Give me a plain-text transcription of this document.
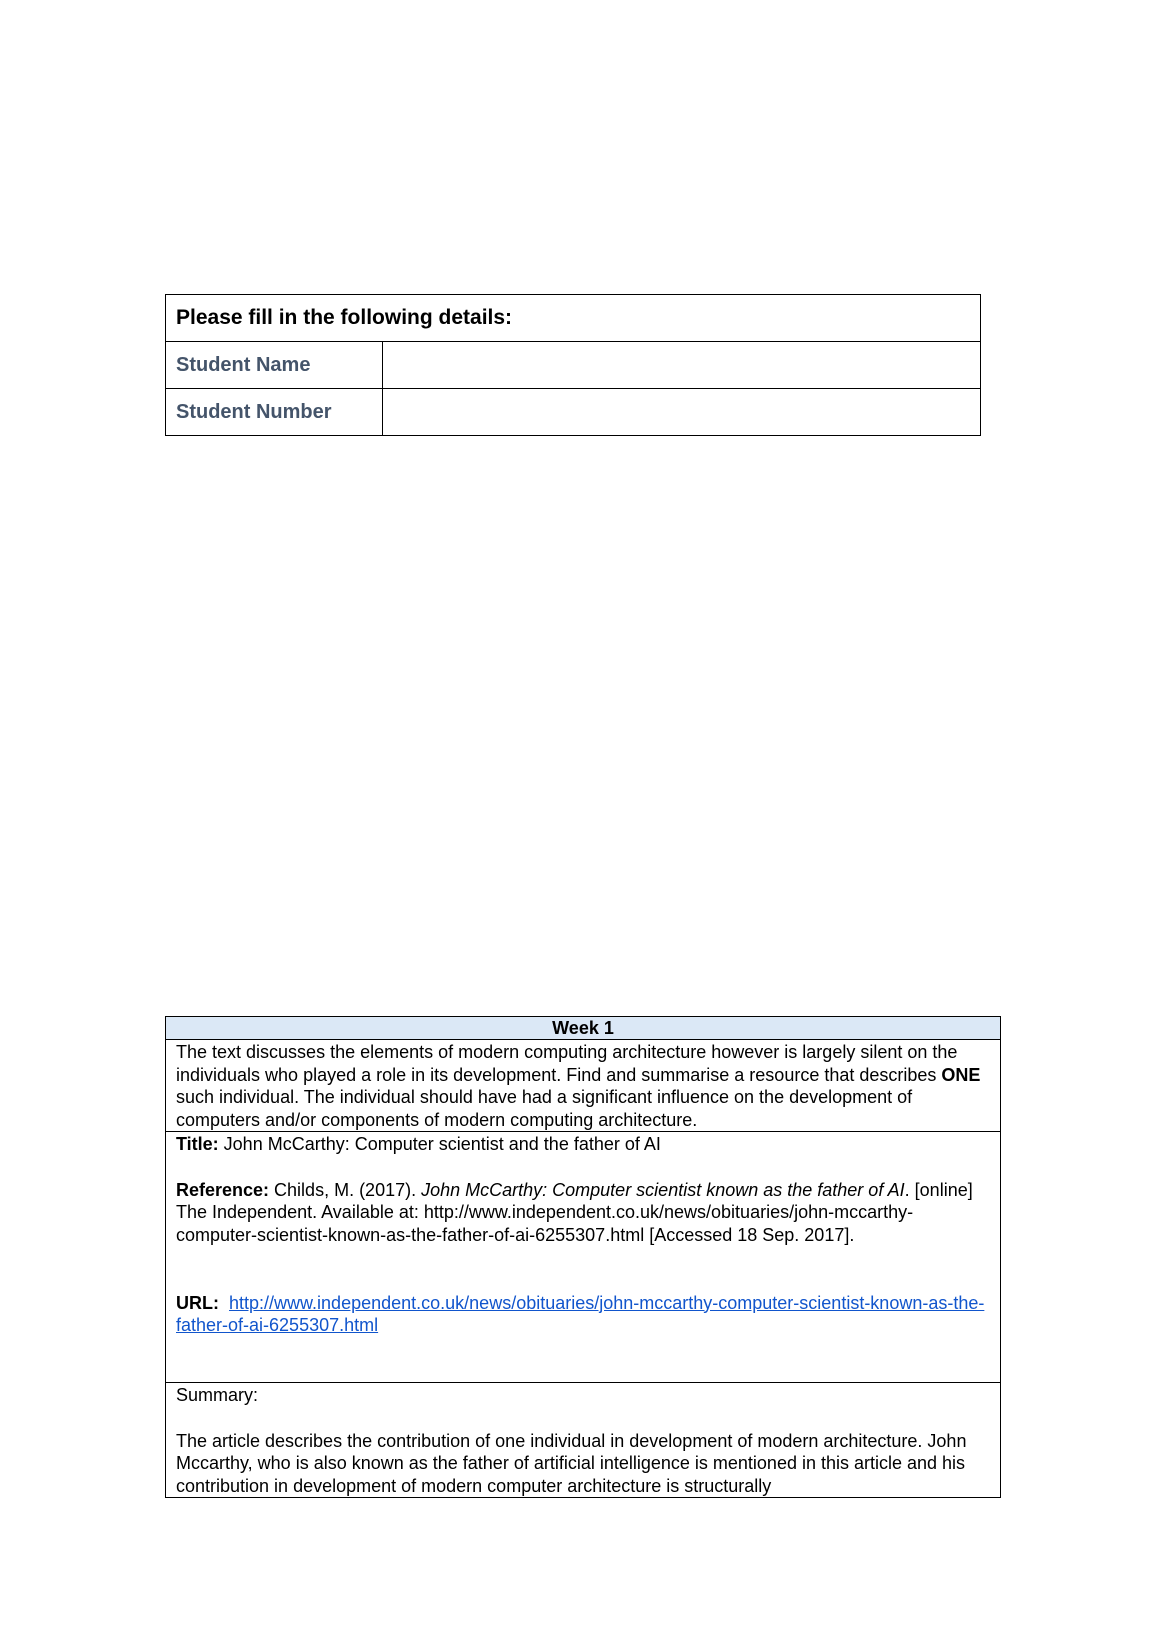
Please fill in the following details:	
Student Name	
Student Number	
Week 1

The text discusses the elements of modern computing architecture however is largely silent on the individuals who played a role in its development. Find and summarise a resource that describes ONE such individual. The individual should have had a significant influence on the development of computers and/or components of modern computing architecture.

Title: John McCarthy: Computer scientist and the father of AI

Reference: Childs, M. (2017). John McCarthy: Computer scientist known as the father of AI. [online] The Independent. Available at: http://www.independent.co.uk/news/obituaries/john-mccarthy-computer-scientist-known-as-the-father-of-ai-6255307.html [Accessed 18 Sep. 2017].

URL: http://www.independent.co.uk/news/obituaries/john-mccarthy-computer-scientist-known-as-the-father-of-ai-6255307.html

Summary:

The article describes the contribution of one individual in development of modern architecture. John Mccarthy, who is also known as the father of artificial intelligence is mentioned in this article and his contribution in development of modern computer architecture is structurally
